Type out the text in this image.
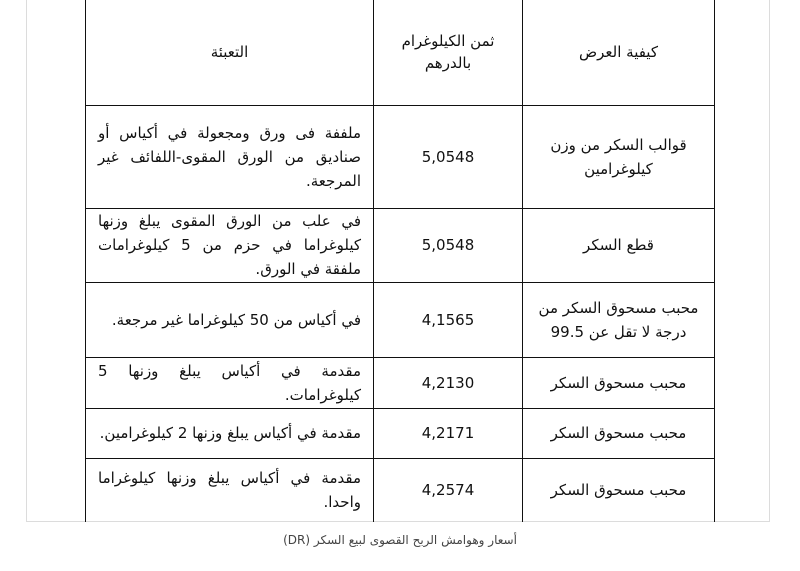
كيفية العرض	ثمن الكيلوغرام بالدرهم	التعبئة
قوالب السكر من وزن كيلوغرامين	5,0548	ملففة فى ورق ومجعولة في أكياس أو صناديق من الورق المقوى-اللفائف غير المرجعة.
قطع السكر	5,0548	في علب من الورق المقوى يبلغ وزنها كيلوغراما في حزم من 5 كيلوغرامات ملفقة في الورق.
محبب مسحوق السكر من درجة لا تقل عن 99.5	4,1565	في أكياس من 50 كيلوغراما غير مرجعة.
محبب مسحوق السكر	4,2130	مقدمة في أكياس يبلغ وزنها 5 كيلوغرامات.
محبب مسحوق السكر	4,2171	مقدمة في أكياس يبلغ وزنها 2 كيلوغرامين.
محبب مسحوق السكر	4,2574	مقدمة في أكياس يبلغ وزنها كيلوغراما واحدا.
أسعار وهوامش الربح القصوى لبيع السكر (DR)
